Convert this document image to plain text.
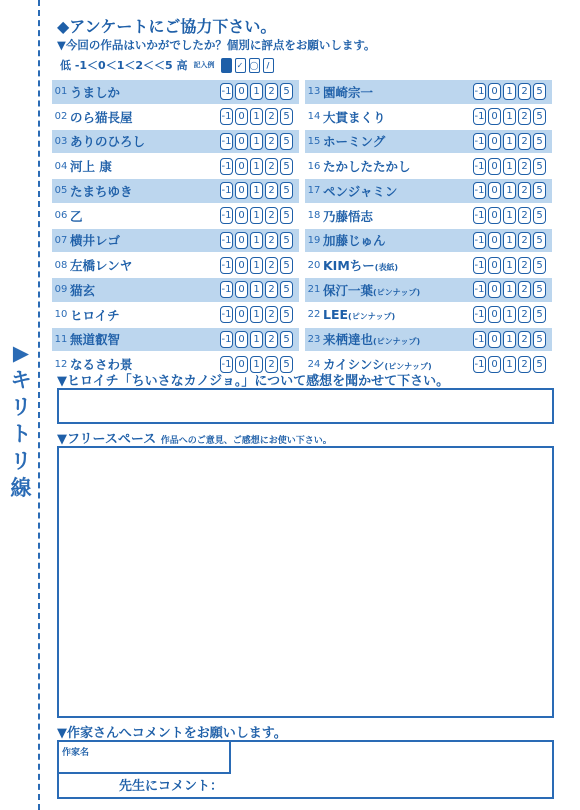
▶キリトリ線
◆アンケートにご協力下さい。
▼今回の作品はいかがでしたか？個別に評点をお願いします。
低 -1＜0＜1＜2＜＜5 高 記入例	✓ ◯	/
01 うましか	-1 0 1 2 5
02 のら猫長屋	-1 0 1 2 5
03 ありのひろし	-1 0 1 2 5
04 河上 康	-1 0 1 2 5
05 たまちゆき	-1 0 1 2 5
06 乙	-1 0 1 2 5
07 横井レゴ	-1 0 1 2 5
08 左橋レンヤ	-1 0 1 2 5
09 猫玄	-1 0 1 2 5
10 ヒロイチ	-1 0 1 2 5
11 無道叡智	-1 0 1 2 5
12 なるさわ景	-1 0 1 2 5
13 園崎宗一	-1 0 1 2 5
14 大貫まくり	-1 0 1 2 5
15 ホーミング	-1 0 1 2 5
16 たかしたたかし	-1 0 1 2 5
17 ペンジャミン	-1 0 1 2 5
18 乃藤悟志	-1 0 1 2 5
19 加藤じゅん	-1 0 1 2 5
20 KIMちー(表紙)	-1 0 1 2 5
21 保汀一葉(ピンナップ)	-1 0 1 2 5
22 LEE(ピンナップ)	-1 0 1 2 5
23 来栖達也(ピンナップ)	-1 0 1 2 5
24 カイシンシ(ピンナップ)	-1 0 1 2 5
▼ヒロイチ「ちいさなカノジョ。」について感想を聞かせて下さい。
▼フリースペース 作品へのご意見、ご感想にお使い下さい。
▼作家さんへコメントをお願いします。
作家名
先生にコメント：
